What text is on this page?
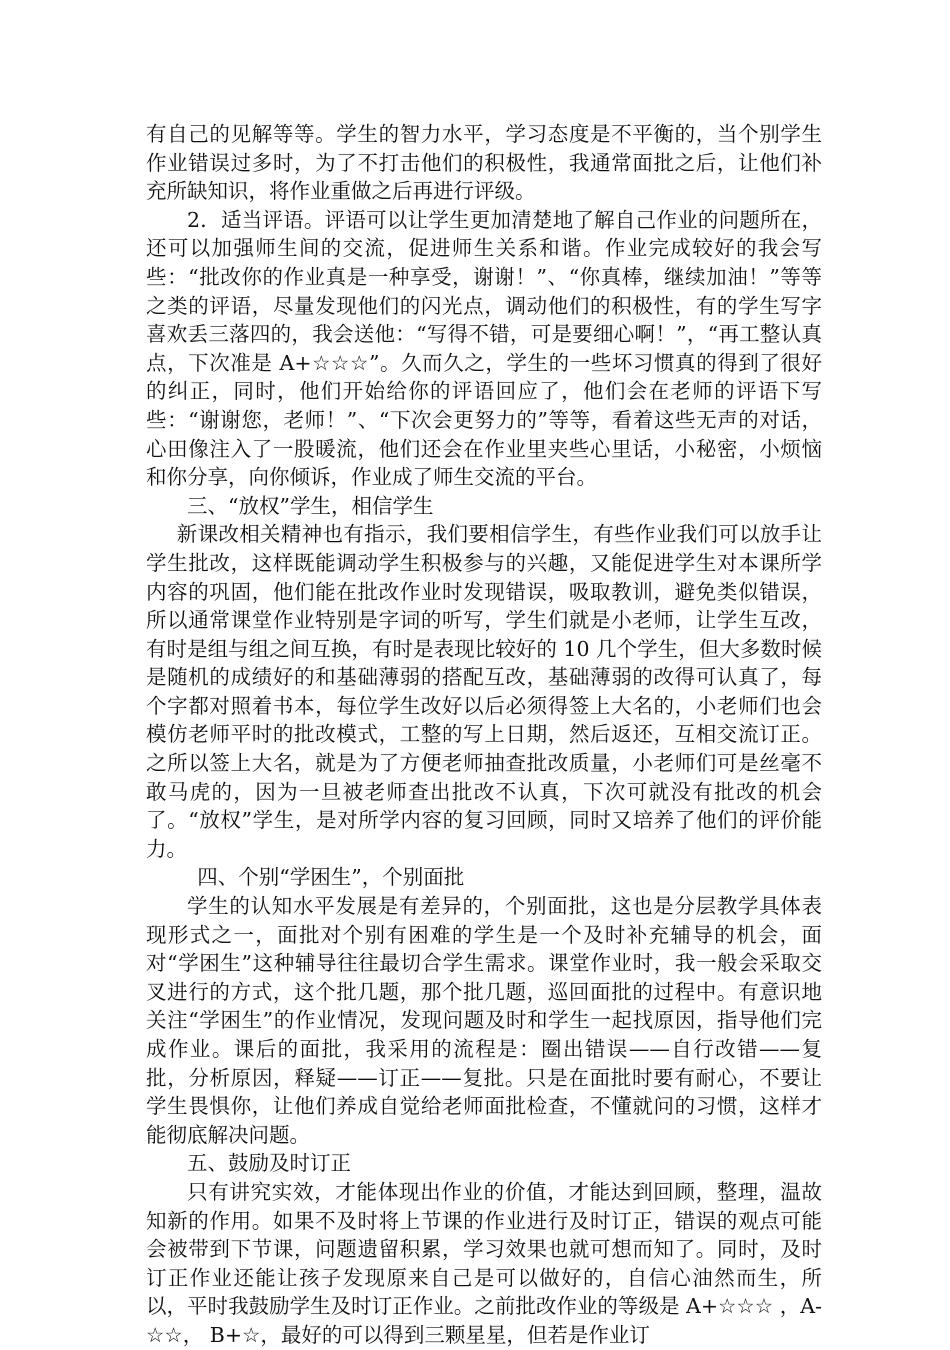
有自己的见解等等。学生的智力水平，学习态度是不平衡的，当个别学生作业错误过多时，为了不打击他们的积极性，我通常面批之后，让他们补充所缺知识，将作业重做之后再进行评级。

2．适当评语。评语可以让学生更加清楚地了解自己作业的问题所在，还可以加强师生间的交流，促进师生关系和谐。作业完成较好的我会写些：“批改你的作业真是一种享受，谢谢！”、“你真棒，继续加油！”等等之类的评语，尽量发现他们的闪光点，调动他们的积极性，有的学生写字喜欢丢三落四的，我会送他：“写得不错，可是要细心啊！”，“再工整认真点，下次准是 A+☆☆☆”。久而久之，学生的一些坏习惯真的得到了很好的纠正，同时，他们开始给你的评语回应了，他们会在老师的评语下写些：“谢谢您，老师！”、“下次会更努力的”等等，看着这些无声的对话，心田像注入了一股暖流，他们还会在作业里夹些心里话，小秘密，小烦恼和你分享，向你倾诉，作业成了师生交流的平台。

三、“放权”学生，相信学生

新课改相关精神也有指示，我们要相信学生，有些作业我们可以放手让学生批改，这样既能调动学生积极参与的兴趣，又能促进学生对本课所学内容的巩固，他们能在批改作业时发现错误，吸取教训，避免类似错误，所以通常课堂作业特别是字词的听写，学生们就是小老师，让学生互改，有时是组与组之间互换，有时是表现比较好的 10 几个学生，但大多数时候是随机的成绩好的和基础薄弱的搭配互改，基础薄弱的改得可认真了，每个字都对照着书本，每位学生改好以后必须得签上大名的，小老师们也会模仿老师平时的批改模式，工整的写上日期，然后返还，互相交流订正。之所以签上大名，就是为了方便老师抽查批改质量，小老师们可是丝毫不敢马虎的，因为一旦被老师查出批改不认真，下次可就没有批改的机会了。“放权”学生，是对所学内容的复习回顾，同时又培养了他们的评价能力。

四、个别“学困生”，个别面批

学生的认知水平发展是有差异的，个别面批，这也是分层教学具体表现形式之一，面批对个别有困难的学生是一个及时补充辅导的机会，面对“学困生”这种辅导往往最切合学生需求。课堂作业时，我一般会采取交叉进行的方式，这个批几题，那个批几题，巡回面批的过程中。有意识地关注“学困生”的作业情况，发现问题及时和学生一起找原因，指导他们完成作业。课后的面批，我采用的流程是：圈出错误——自行改错——复批，分析原因，释疑——订正——复批。只是在面批时要有耐心，不要让学生畏惧你，让他们养成自觉给老师面批检查，不懂就问的习惯，这样才能彻底解决问题。

五、鼓励及时订正

只有讲究实效，才能体现出作业的价值，才能达到回顾，整理，温故知新的作用。如果不及时将上节课的作业进行及时订正，错误的观点可能会被带到下节课，问题遗留积累，学习效果也就可想而知了。同时，及时订正作业还能让孩子发现原来自己是可以做好的，自信心油然而生，所以，平时我鼓励学生及时订正作业。之前批改作业的等级是 A+☆☆☆ ，A-☆☆， B+☆，最好的可以得到三颗星星，但若是作业订
